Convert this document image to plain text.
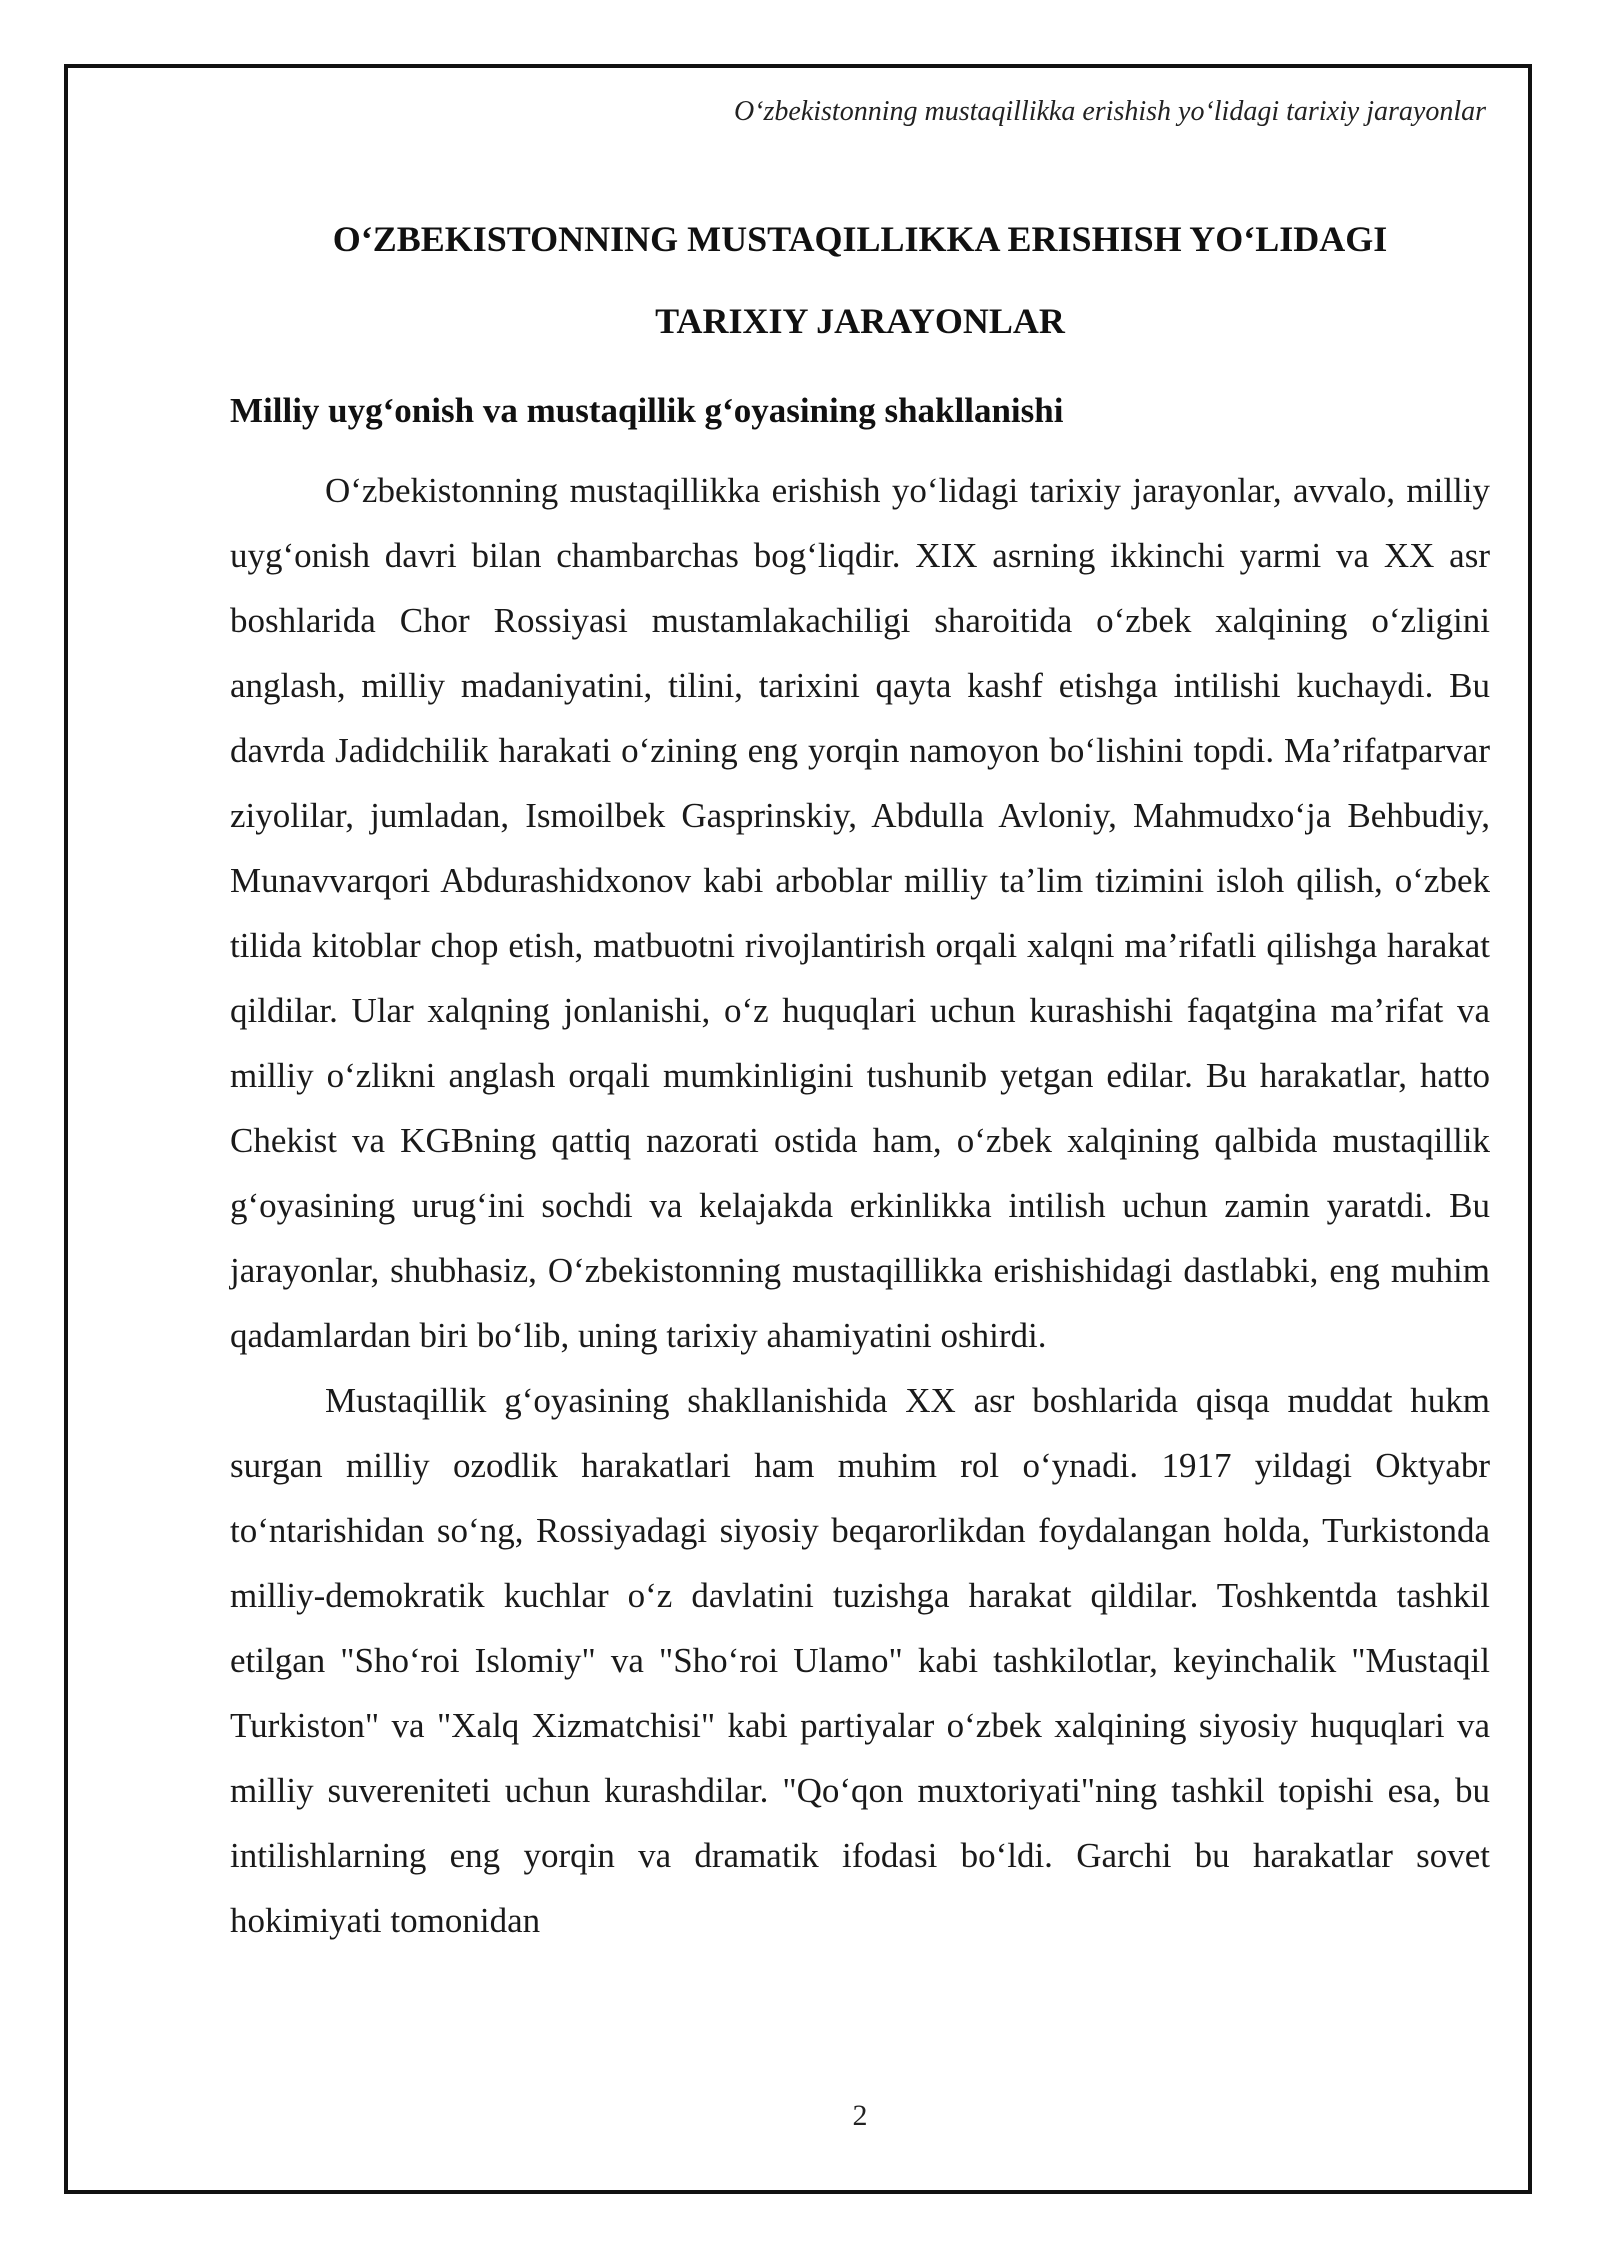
O‘zbekistonning mustaqillikka erishish yo‘lidagi tarixiy jarayonlar
O‘ZBEKISTONNING MUSTAQILLIKKA ERISHISH YO‘LIDAGI
TARIXIY JARAYONLAR
Milliy uyg‘onish va mustaqillik g‘oyasining shakllanishi

O‘zbekistonning mustaqillikka erishish yo‘lidagi tarixiy jarayonlar, avvalo, milliy uyg‘onish davri bilan chambarchas bog‘liqdir. XIX asrning ikkinchi yarmi va XX asr boshlarida Chor Rossiyasi mustamlakachiligi sharoitida o‘zbek xalqining o‘zligini anglash, milliy madaniyatini, tilini, tarixini qayta kashf etishga intilishi kuchaydi. Bu davrda Jadidchilik harakati o‘zining eng yorqin namoyon bo‘lishini topdi. Ma’rifatparvar ziyolilar, jumladan, Ismoilbek Gasprinskiy, Abdulla Avloniy, Mahmudxo‘ja Behbudiy, Munavvarqori Abdurashidxonov kabi arboblar milliy ta’lim tizimini isloh qilish, o‘zbek tilida kitoblar chop etish, matbuotni rivojlantirish orqali xalqni ma’rifatli qilishga harakat qildilar. Ular xalqning jonlanishi, o‘z huquqlari uchun kurashishi faqatgina ma’rifat va milliy o‘zlikni anglash orqali mumkinligini tushunib yetgan edilar. Bu harakatlar, hatto Chekist va KGBning qattiq nazorati ostida ham, o‘zbek xalqining qalbida mustaqillik g‘oyasining urug‘ini sochdi va kelajakda erkinlikka intilish uchun zamin yaratdi. Bu jarayonlar, shubhasiz, O‘zbekistonning mustaqillikka erishishidagi dastlabki, eng muhim qadamlardan biri bo‘lib, uning tarixiy ahamiyatini oshirdi.

Mustaqillik g‘oyasining shakllanishida XX asr boshlarida qisqa muddat hukm surgan milliy ozodlik harakatlari ham muhim rol o‘ynadi. 1917 yildagi Oktyabr to‘ntarishidan so‘ng, Rossiyadagi siyosiy beqarorlikdan foydalangan holda, Turkistonda milliy-demokratik kuchlar o‘z davlatini tuzishga harakat qildilar. Toshkentda tashkil etilgan "Sho‘roi Islomiy" va "Sho‘roi Ulamo" kabi tashkilotlar, keyinchalik "Mustaqil Turkiston" va "Xalq Xizmatchisi" kabi partiyalar o‘zbek xalqining siyosiy huquqlari va milliy suvereniteti uchun kurashdilar. "Qo‘qon muxtoriyati"ning tashkil topishi esa, bu intilishlarning eng yorqin va dramatik ifodasi bo‘ldi. Garchi bu harakatlar sovet hokimiyati tomonidan

2
